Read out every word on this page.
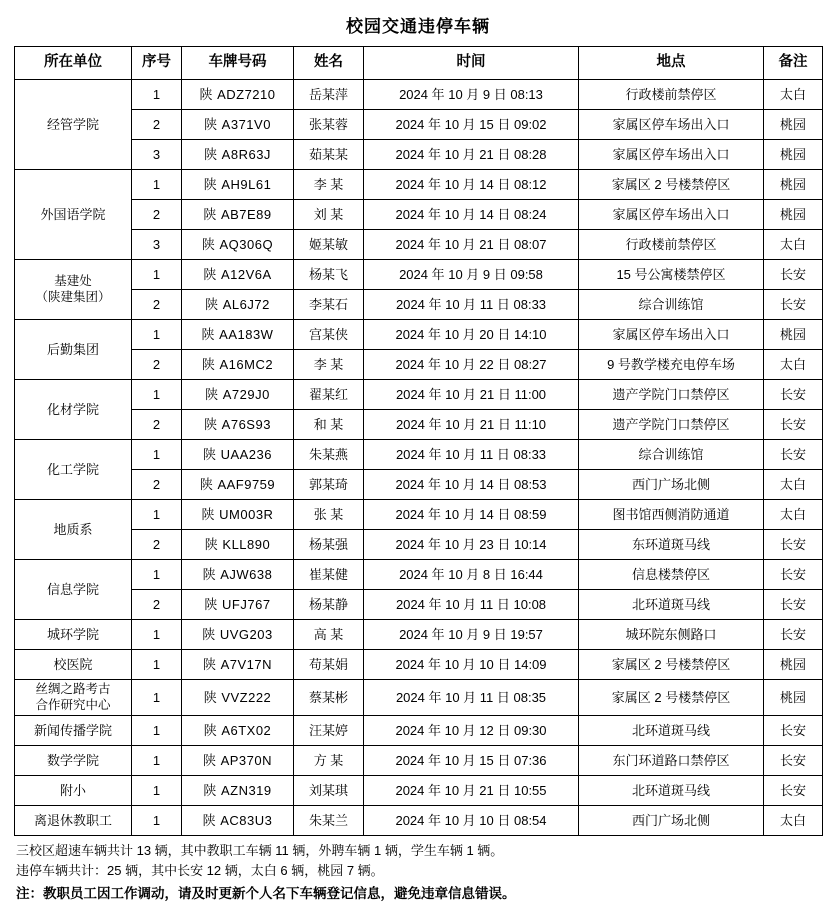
校园交通违停车辆
所在单位	序号	车牌号码	姓名	时间	地点	备注
经管学院	1	陕 ADZ7210	岳某萍	2024 年 10 月 9 日 08:13	行政楼前禁停区	太白
	2	陕 A371V0	张某蓉	2024 年 10 月 15 日 09:02	家属区停车场出入口	桃园
	3	陕 A8R63J	茹某某	2024 年 10 月 21 日 08:28	家属区停车场出入口	桃园
外国语学院	1	陕 AH9L61	李 某	2024 年 10 月 14 日 08:12	家属区 2 号楼禁停区	桃园
	2	陕 AB7E89	刘 某	2024 年 10 月 14 日 08:24	家属区停车场出入口	桃园
	3	陕 AQ306Q	姬某敏	2024 年 10 月 21 日 08:07	行政楼前禁停区	太白

基建处
（陕建集团）	1	陕 A12V6A	杨某飞	2024 年 10 月 9 日 09:58	15 号公寓楼禁停区	长安
	2	陕 AL6J72	李某石	2024 年 10 月 11 日 08:33	综合训练馆	长安
后勤集团	1	陕 AA183W	宫某侠	2024 年 10 月 20 日 14:10	家属区停车场出入口	桃园
	2	陕 A16MC2	李 某	2024 年 10 月 22 日 08:27	9 号教学楼充电停车场	太白
化材学院	1	陕 A729J0	翟某红	2024 年 10 月 21 日 11:00	遗产学院门口禁停区	长安
	2	陕 A76S93	和 某	2024 年 10 月 21 日 11:10	遗产学院门口禁停区	长安
化工学院	1	陕 UAA236	朱某燕	2024 年 10 月 11 日 08:33	综合训练馆	长安
	2	陕 AAF9759	郭某琦	2024 年 10 月 14 日 08:53	西门广场北侧	太白
地质系	1	陕 UM003R	张 某	2024 年 10 月 14 日 08:59	图书馆西侧消防通道	太白
	2	陕 KLL890	杨某强	2024 年 10 月 23 日 10:14	东环道斑马线	长安
信息学院	1	陕 AJW638	崔某健	2024 年 10 月 8 日 16:44	信息楼禁停区	长安
	2	陕 UFJ767	杨某静	2024 年 10 月 11 日 10:08	北环道斑马线	长安
城环学院	1	陕 UVG203	高 某	2024 年 10 月 9 日 19:57	城环院东侧路口	长安
校医院	1	陕 A7V17N	苟某娟	2024 年 10 月 10 日 14:09	家属区 2 号楼禁停区	桃园

丝绸之路考古
合作研究中心	1	陕 VVZ222	蔡某彬	2024 年 10 月 11 日 08:35	家属区 2 号楼禁停区	桃园
新闻传播学院	1	陕 A6TX02	汪某婷	2024 年 10 月 12 日 09:30	北环道斑马线	长安
数学学院	1	陕 AP370N	方 某	2024 年 10 月 15 日 07:36	东门环道路口禁停区	长安
附小	1	陕 AZN319	刘某琪	2024 年 10 月 21 日 10:55	北环道斑马线	长安
离退休教职工	1	陕 AC83U3	朱某兰	2024 年 10 月 10 日 08:54	西门广场北侧	太白
三校区超速车辆共计 13 辆，其中教职工车辆 11 辆，外聘车辆 1 辆，学生车辆 1 辆。
违停车辆共计：25 辆，其中长安 12 辆，太白 6 辆，桃园 7 辆。
注：教职员工因工作调动，请及时更新个人名下车辆登记信息，避免违章信息错误。
